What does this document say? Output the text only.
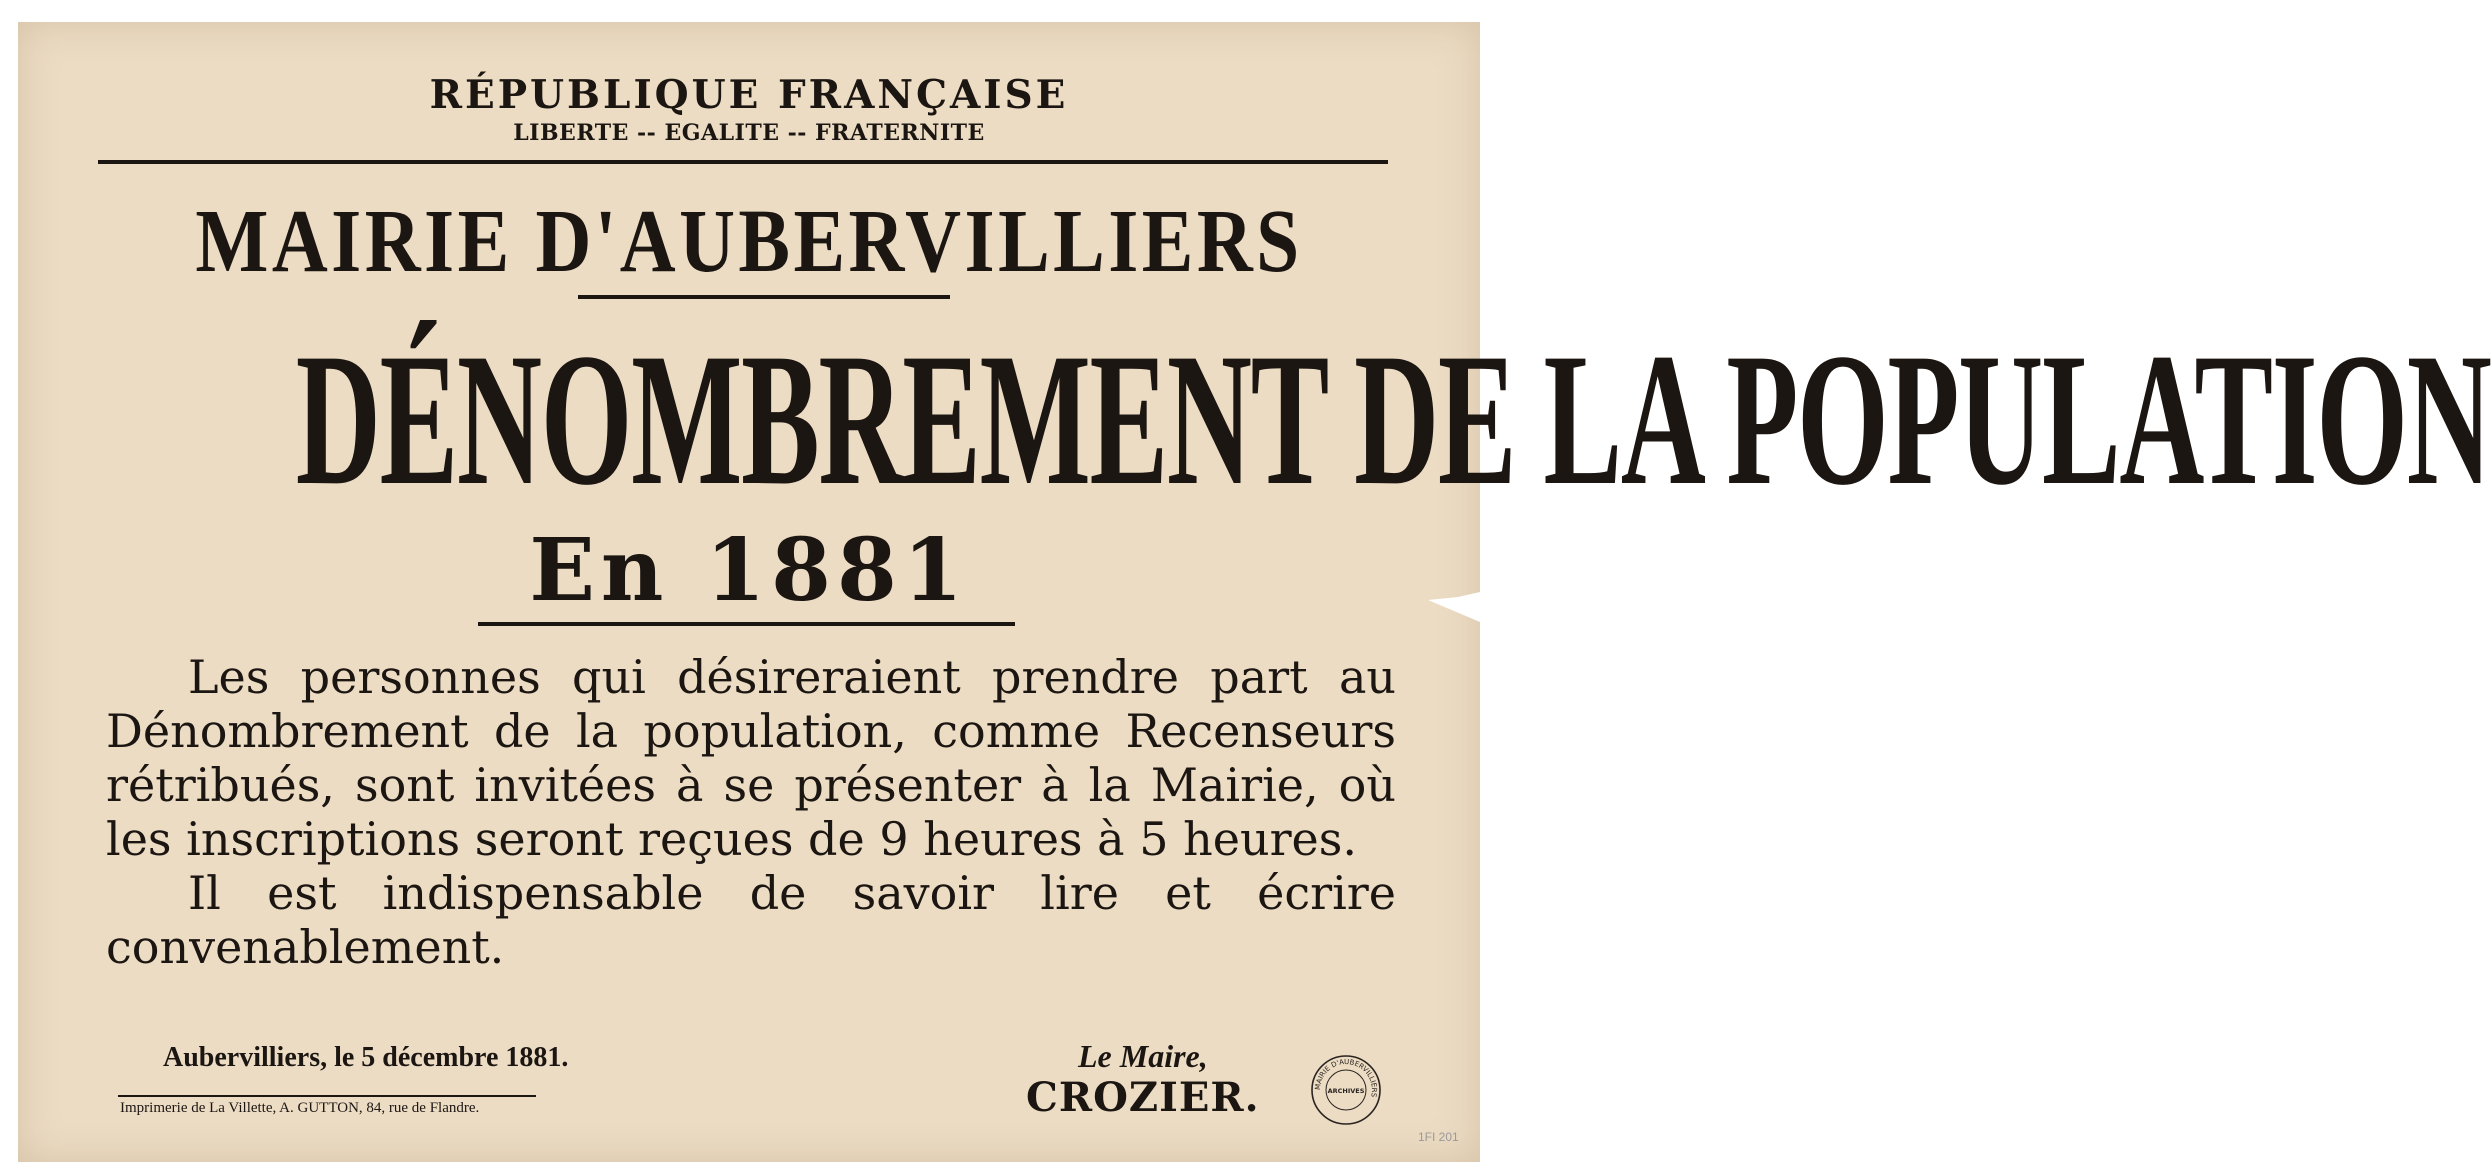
RÉPUBLIQUE FRANÇAISE
LIBERTE -- EGALITE -- FRATERNITE
MAIRIE D'AUBERVILLIERS
DÉNOMBREMENT DE LA POPULATION
En 1881

Les personnes qui désireraient prendre part au Dénombrement de la population, comme Recenseurs rétribués, sont invitées à se présenter à la Mairie, où les inscriptions seront reçues de 9 heures à 5 heures.

Il est indispensable de savoir lire et écrire convenablement.

Aubervilliers, le 5 décembre 1881.	Le Maire,
CROZIER.
Imprimerie de La Villette, A. GUTTON, 84, rue de Flandre.
MAIRIE D'AUBERVILLIERS
ARCHIVES
1FI 201
